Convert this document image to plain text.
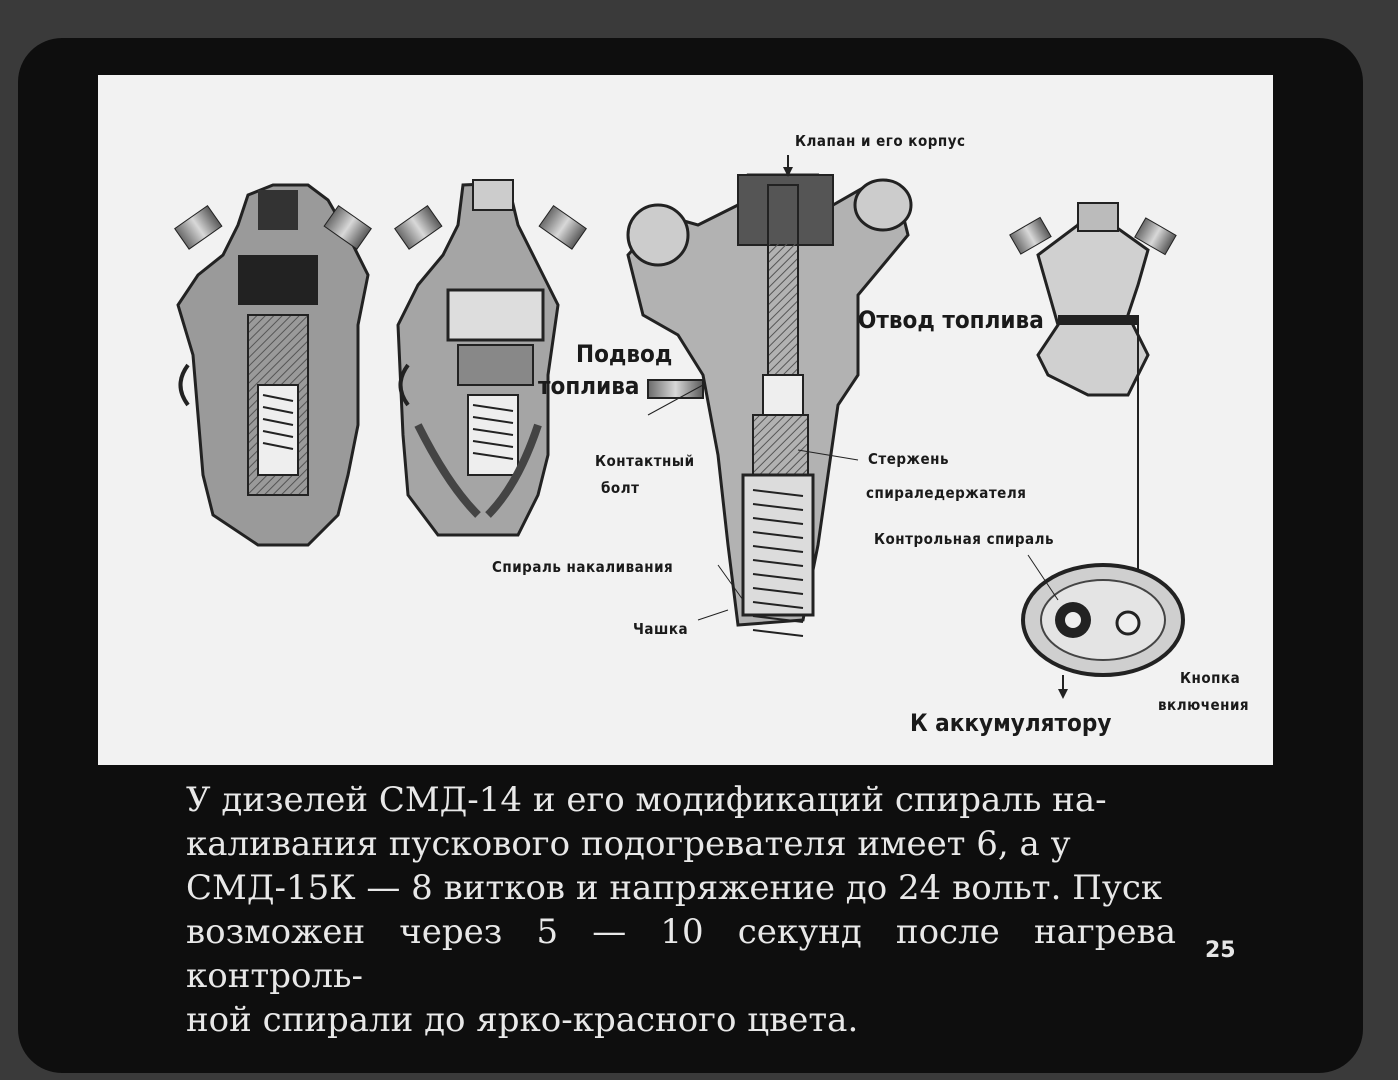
Клапан и его корпус
Отвод топлива
Подвод
топлива
Контактный
болт
Стержень
спираледержателя
Контрольная спираль
Спираль накаливания
Чашка
Кнопка
включения
К аккумулятору
У дизелей СМД-14 и его модификаций спираль на-
каливания пускового подогревателя имеет 6, а у
СМД-15К — 8 витков и напряжение до 24 вольт. Пуск
возможен через 5 — 10 секунд после нагрева контроль-
ной спирали до ярко-красного цвета.
25
